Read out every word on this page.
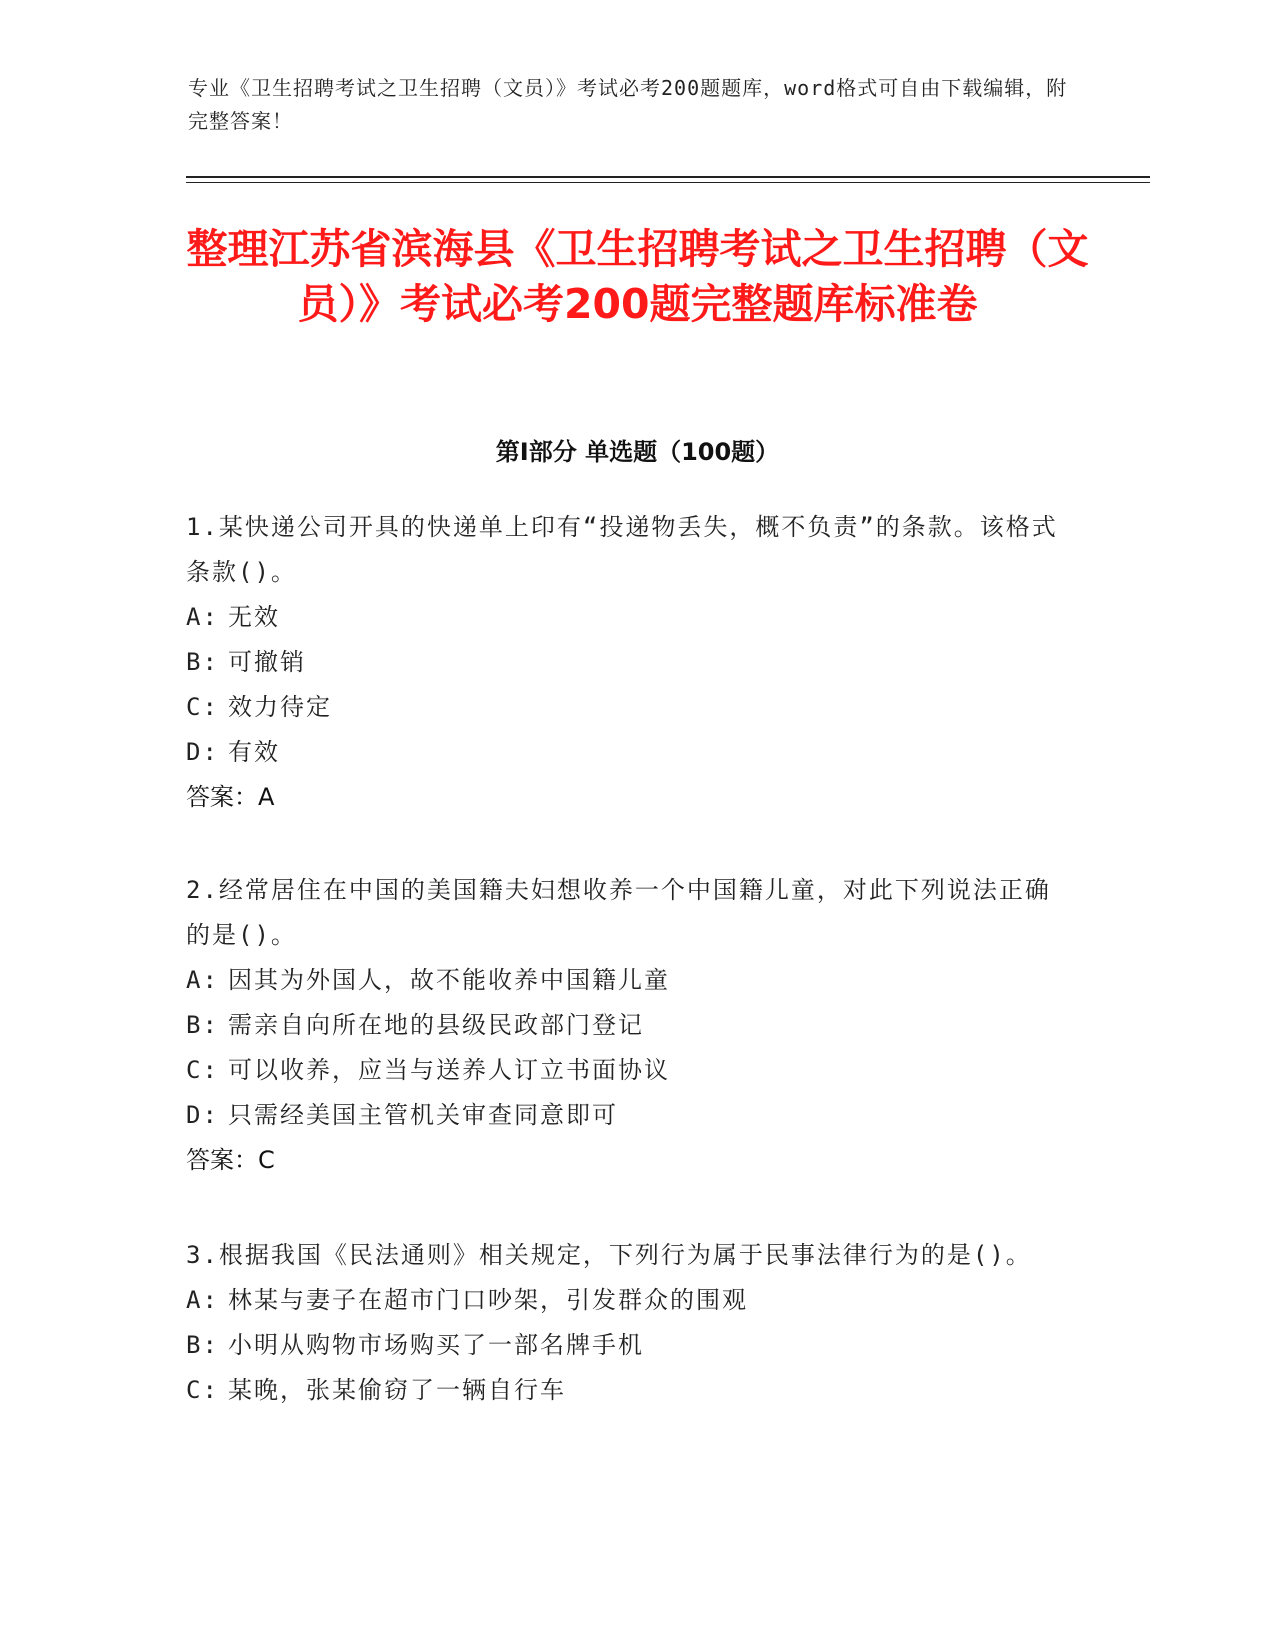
专业《卫生招聘考试之卫生招聘（文员）》考试必考200题题库，word格式可自由下载编辑，附完整答案！
整理江苏省滨海县《卫生招聘考试之卫生招聘（文员）》考试必考200题完整题库标准卷
第Ⅰ部分 单选题（100题）

1.某快递公司开具的快递单上印有“投递物丢失，概不负责”的条款。该格式条款()。

A: 无效

B: 可撤销

C: 效力待定

D: 有效

答案：A

2.经常居住在中国的美国籍夫妇想收养一个中国籍儿童，对此下列说法正确的是()。

A: 因其为外国人，故不能收养中国籍儿童

B: 需亲自向所在地的县级民政部门登记

C: 可以收养，应当与送养人订立书面协议

D: 只需经美国主管机关审查同意即可

答案：C

3.根据我国《民法通则》相关规定，下列行为属于民事法律行为的是()。

A: 林某与妻子在超市门口吵架，引发群众的围观

B: 小明从购物市场购买了一部名牌手机

C: 某晚，张某偷窃了一辆自行车
